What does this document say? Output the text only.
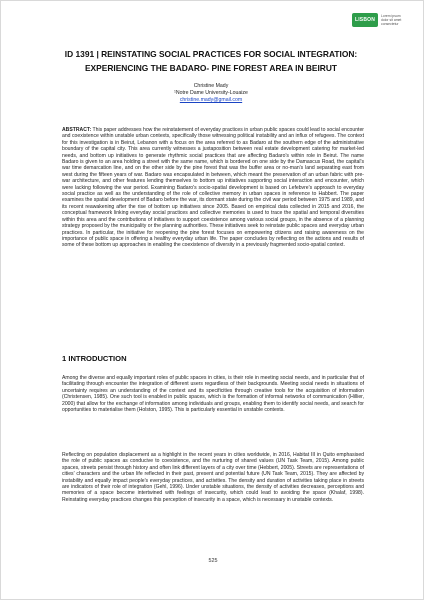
LISBON
Lorem ipsum dolor sit amet consectetur
ID 1391 | REINSTATING SOCIAL PRACTICES FOR SOCIAL INTEGRATION: EXPERIENCING THE BADARO- PINE FOREST AREA IN BEIRUT
Christine Mady
¹Notre Dame University-Louaize
christine.mady@gmail.com
ABSTRACT: This paper addresses how the reinstatement of everyday practices in urban public spaces could lead to social encounter and coexistence within unstable urban contexts, specifically those witnessing political instability and an influx of refugees. The context for this investigation is in Beirut, Lebanon with a focus on the area referred to as Badaro at the southern edge of the administrative boundary of the capital city. This area currently witnesses a juxtaposition between real estate development catering for market-led needs, and bottom up initiatives to generate rhythmic social practices that are affecting Badaro's within role in Beirut. The name Badaro is given to an area holding a street with the same name, which is bordered on one side by the Damascus Road, the capital's war time demarcation line, and on the other side by the pine forest that was the buffer area or no-man's land separating east from west during the fifteen years of war. Badaro was encapsulated in between, which meant the preservation of an urban fabric with pre-war architecture, and other features lending themselves to bottom up initiatives supporting social interaction and encounter, which were lacking following the war period. Examining Badaro's socio-spatial development is based on Lefebvre's approach to everyday social practice as well as the understanding of the role of collective memory in urban spaces in reference to Habbert. The paper examines the spatial development of Badaro before the war, its dormant state during the civil war period between 1975 and 1989, and its recent reawakening after the rise of bottom up initiatives since 2005. Based on empirical data collected in 2015 and 2016, the conceptual framework linking everyday social practices and collective memories is used to trace the spatial and temporal diversities within this area and the contributions of initiatives to support coexistence among various social groups, in the absence of a planning strategy proposed by the municipality or the planning authorities. These initiatives seek to reinstate public spaces and everyday urban practices. In particular, the initiative for reopening the pine forest focuses on empowering citizens and raising awareness on the importance of public space in offering a healthy everyday urban life. The paper concludes by reflecting on the actions and results of some of these bottom up approaches in enabling the coexistence of diversity in a previously fragmented socio-spatial context.
1 INTRODUCTION

Among the diverse and equally important roles of public spaces in cities, is their role in meeting social needs, and in particular that of facilitating through encounter the integration of different users regardless of their backgrounds. Meeting social needs in situations of uncertainty requires an understanding of the context and its specificities through creative tools for the acquisition of information (Christensen, 1985). One such tool is enabled in public spaces, which is the formation of informal networks of communication (Hillier, 2000) that allow for the exchange of information among individuals and groups, enabling them to identify social needs, and search for opportunities to materialise them (Holston, 1995). This is particularly essential in unstable contexts.

Reflecting on population displacement as a highlight in the recent years in cities worldwide, in 2016, Habitat III in Quito emphasised the role of public spaces as conducive to coexistence, and the nurturing of shared values (UN Task Team, 2015). Among public spaces, streets persist through history and often link different layers of a city over time (Hebbert, 2005). Streets are representations of cities' characters and the urban life reflected in their past, present and potential future (UN Task Team, 2015). They are affected by instability and equally impact people's everyday practices, and activities. The density and duration of activities taking place in streets are indicators of their role of integration (Gehl, 1996). Under unstable situations, the density of activities decreases, perceptions and memories of a space become intertwined with feelings of insecurity, which could lead to avoiding the space (Khalaf, 1998). Reinstating everyday practices changes this perception of insecurity in a space, which is necessary in unstable contexts.

525
